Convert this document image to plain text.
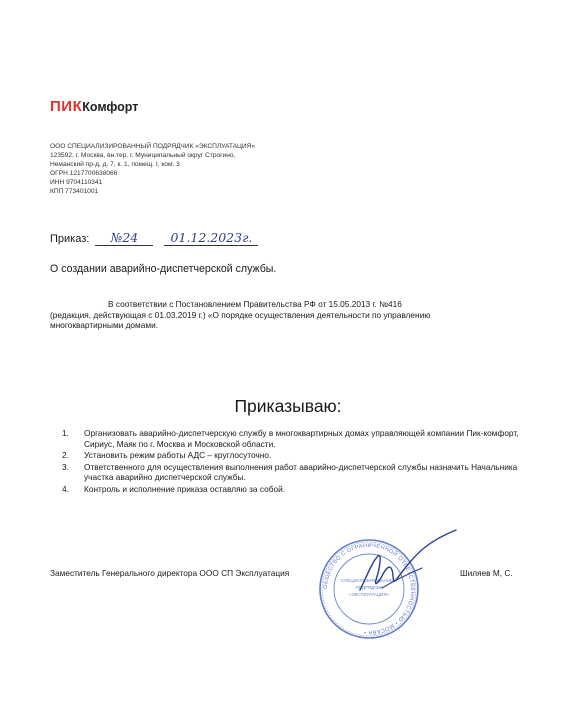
ПИККомфорт
ООО СПЕЦИАЛИЗИРОВАННЫЙ ПОДРЯДЧИК «ЭКСПЛУАТАЦИЯ»
123592, г. Москва, вн.тер. г. Муниципальный округ Строгино,
Неманский пр-д, д. 7, к. 1, помещ. I, ком. 3
ОГРН 1217700638066
ИНН 9704110341
КПП 773401001
Приказ: №24	01.12.2023г.
О создании аварийно-диспетчерской службы.
В соответствии с Постановлением Правительства РФ от 15.05.2013 г. №416
(редакция, действующая с 01.03.2019 г.) «О порядке осуществления деятельности по управлению
многоквартирными домами.
Приказываю:
1. Организовать аварийно-диспетчерскую службу в многоквартирных домах управляющей компании Пик-комфорт, Сириус, Маяк по г. Москва и Московской области.
2. Установить режим работы АДС – круглосуточно.
3. Ответственного для осуществления выполнения работ аварийно-диспетчерской службы назначить Начальника участка аварийно диспетчерской службы.
4. Контроль и исполнение приказа оставляю за собой.
ОБЩЕСТВО С ОГРАНИЧЕННОЙ ОТВЕТСТВЕННОСТЬЮ • МОСКВА •
СПЕЦИАЛИЗИРОВАННЫЙ
ПОДРЯДЧИК
«ЭКСПЛУАТАЦИЯ»
Заместитель Генерального директора ООО СП Эксплуатация	Шиляев М, С.
